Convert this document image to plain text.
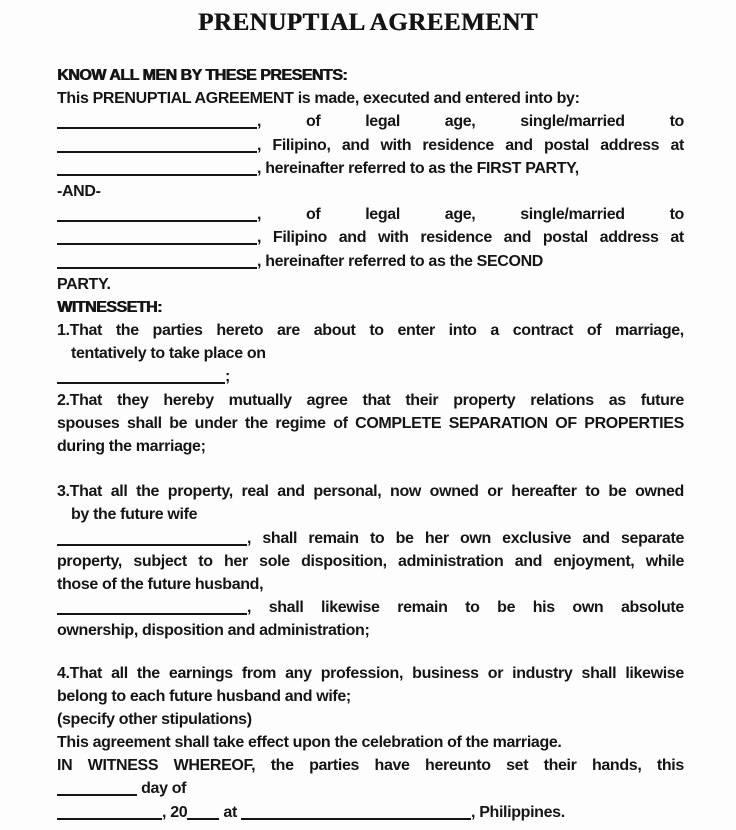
PRENUPTIAL AGREEMENT
KNOW ALL MEN BY THESE PRESENTS:
This PRENUPTIAL AGREEMENT is made, executed and entered into by:
,	of	legal	age,	single/married	to
, Filipino, and with residence and postal address at
, hereinafter referred to as the FIRST PARTY,
-AND-
,	of	legal	age,	single/married	to
, Filipino and with residence and postal address at
, hereinafter referred to as the SECOND
PARTY.
WITNESSETH:
1.That the parties hereto are about to enter into a contract of marriage,
tentatively to take place on
;
2.That they hereby mutually agree that their property relations as future
spouses shall be under the regime of COMPLETE SEPARATION OF PROPERTIES
during the marriage;
3.That all the property, real and personal, now owned or hereafter to be owned
by the future wife
, shall remain to be her own exclusive and separate
property, subject to her sole disposition, administration and enjoyment, while
those of the future husband,
, shall likewise remain to be his own absolute
ownership, disposition and administration;
4.That all the earnings from any profession, business or industry shall likewise
belong to each future husband and wife;
(specify other stipulations)
This agreement shall take effect upon the celebration of the marriage.
IN WITNESS WHEREOF, the parties have hereunto set their hands, this
day of
, 20 at	, Philippines.
